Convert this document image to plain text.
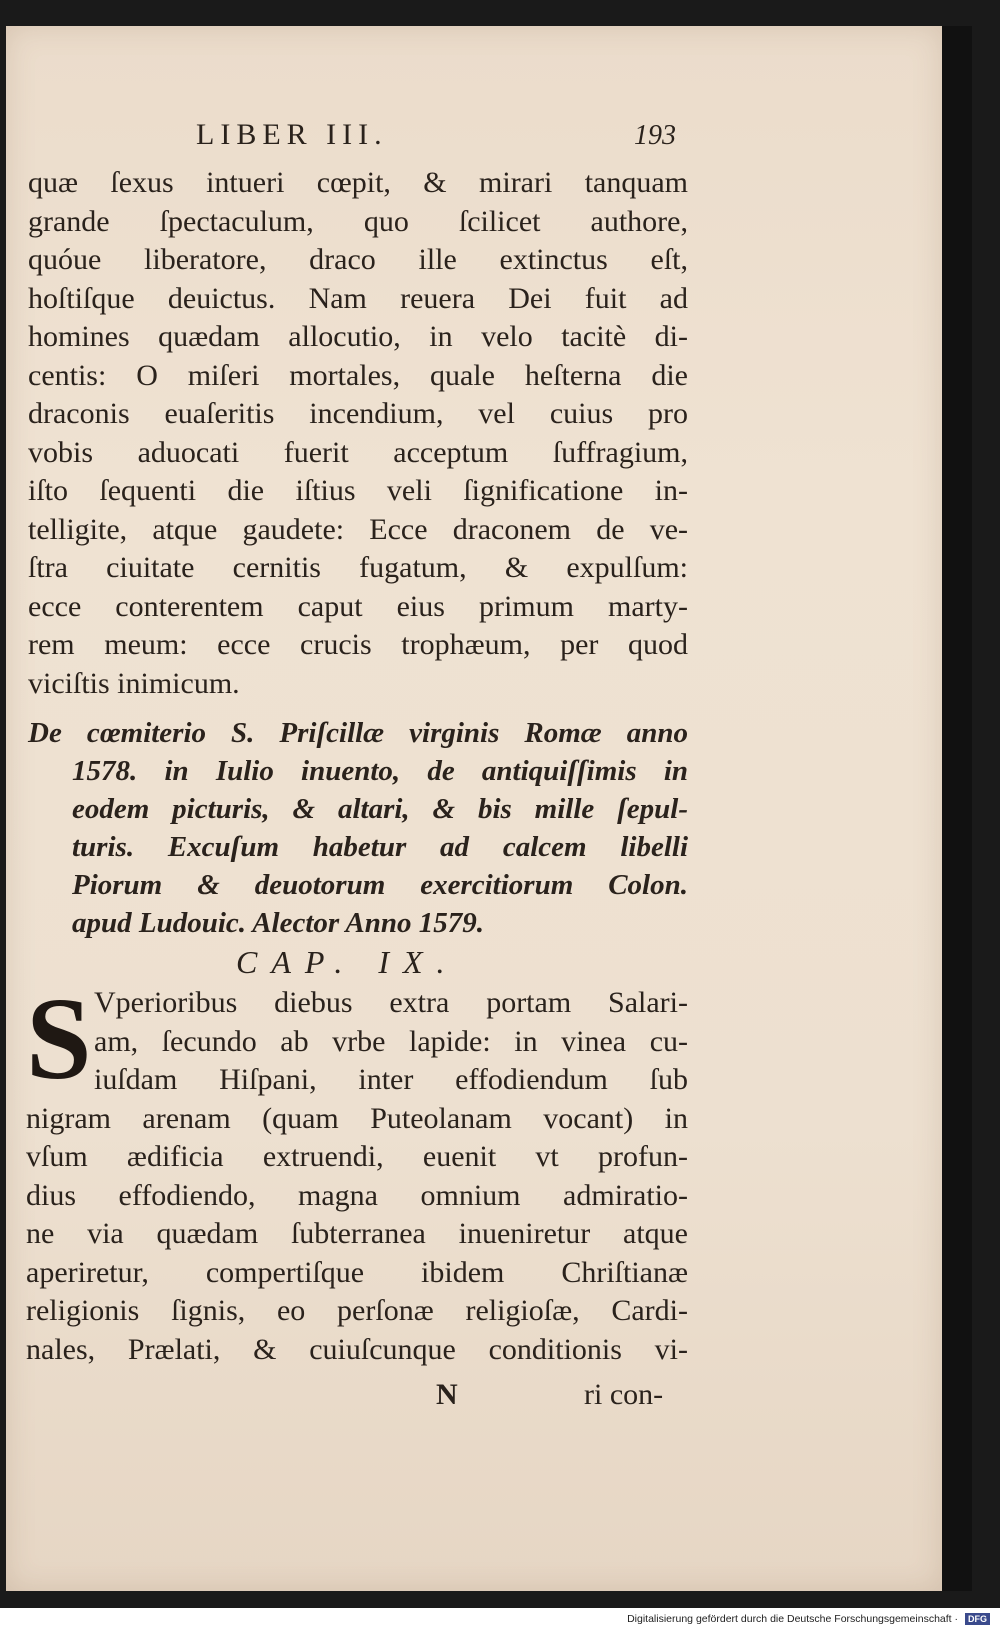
LIBER III.	193
quæ ſexus intueri cœpit, & mirari tanquam
grande ſpectaculum, quo ſcilicet authore,
quóue liberatore, draco ille extinctus eſt,
hoſtiſque deuictus. Nam reuera Dei fuit ad
homines quædam allocutio, in velo tacitè di-
centis: O miſeri mortales, quale heſterna die
draconis euaſeritis incendium, vel cuius pro
vobis aduocati fuerit acceptum ſuffragium,
iſto ſequenti die iſtius veli ſignificatione in-
telligite, atque gaudete: Ecce draconem de ve-
ſtra ciuitate cernitis fugatum, & expulſum:
ecce conterentem caput eius primum marty-
rem meum: ecce crucis trophæum, per quod
viciſtis inimicum.
De cœmiterio S. Priſcillæ virginis Romæ anno
1578. in Iulio inuento, de antiquiſſimis in
eodem picturis, & altari, & bis mille ſepul-
turis. Excuſum habetur ad calcem libelli
Piorum & deuotorum exercitiorum Colon.
apud Ludouic. Alector Anno 1579.
CAP. IX.
S Vperioribus diebus extra portam Salari-
am, ſecundo ab vrbe lapide: in vinea cu-
iuſdam Hiſpani, inter effodiendum ſub
nigram arenam (quam Puteolanam vocant) in
vſum ædificia extruendi, euenit vt profun-
dius effodiendo, magna omnium admiratio-
ne via quædam ſubterranea inueniretur atque
aperiretur, compertiſque ibidem Chriſtianæ
religionis ſignis, eo perſonæ religioſæ, Cardi-
nales, Prælati, & cuiuſcunque conditionis vi-
N	ri con-
Digitalisierung gefördert durch die Deutsche Forschungsgemeinschaft ·	DFG
